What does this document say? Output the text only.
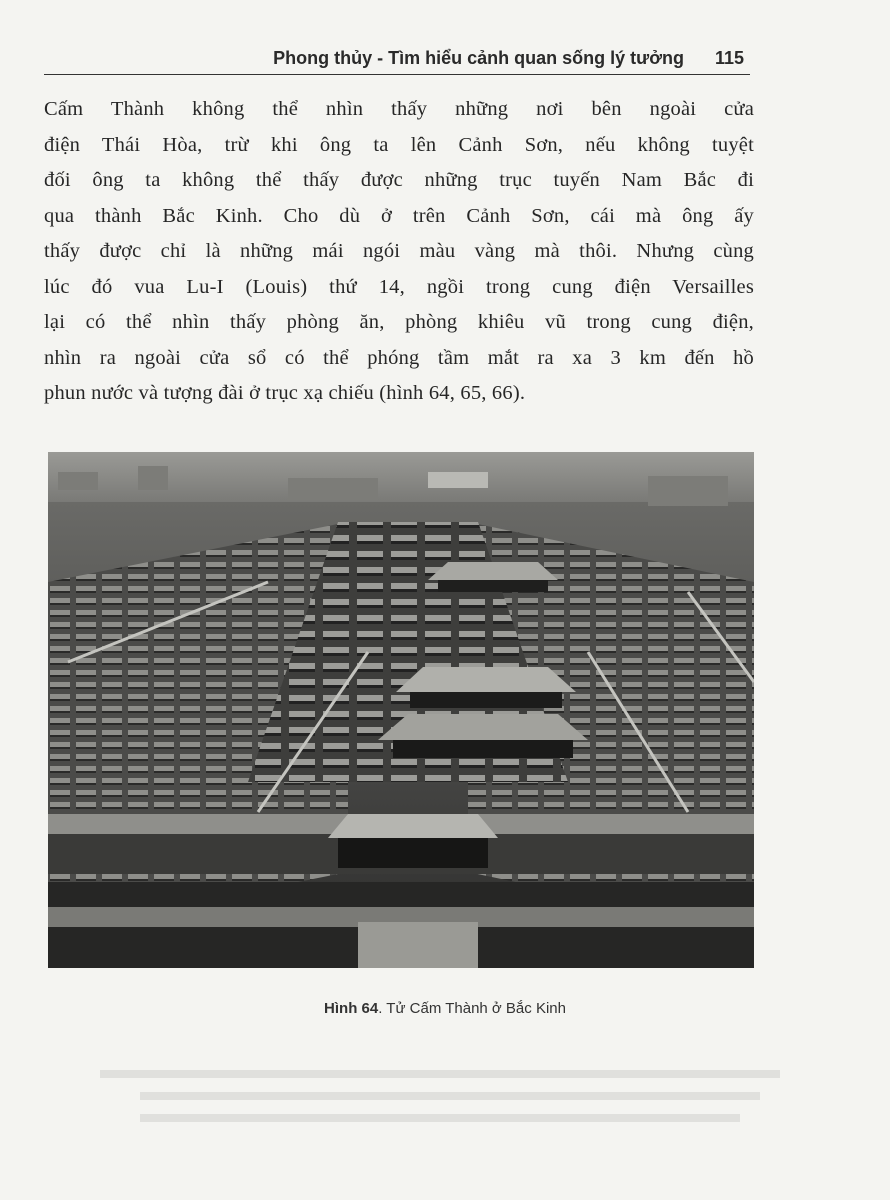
Phong thủy - Tìm hiểu cảnh quan sống lý tưởng 115
Cấm Thành không thể nhìn thấy những nơi bên ngoài cửa
điện Thái Hòa, trừ khi ông ta lên Cảnh Sơn, nếu không tuyệt
đối ông ta không thể thấy được những trục tuyến Nam Bắc đi
qua thành Bắc Kinh. Cho dù ở trên Cảnh Sơn, cái mà ông ấy
thấy được chỉ là những mái ngói màu vàng mà thôi. Nhưng cùng
lúc đó vua Lu-I (Louis) thứ 14, ngồi trong cung điện Versailles
lại có thể nhìn thấy phòng ăn, phòng khiêu vũ trong cung điện,
nhìn ra ngoài cửa sổ có thể phóng tầm mắt ra xa 3 km đến hồ
phun nước và tượng đài ở trục xạ chiếu (hình 64, 65, 66).
Hình 64. Tử Cấm Thành ở Bắc Kinh
